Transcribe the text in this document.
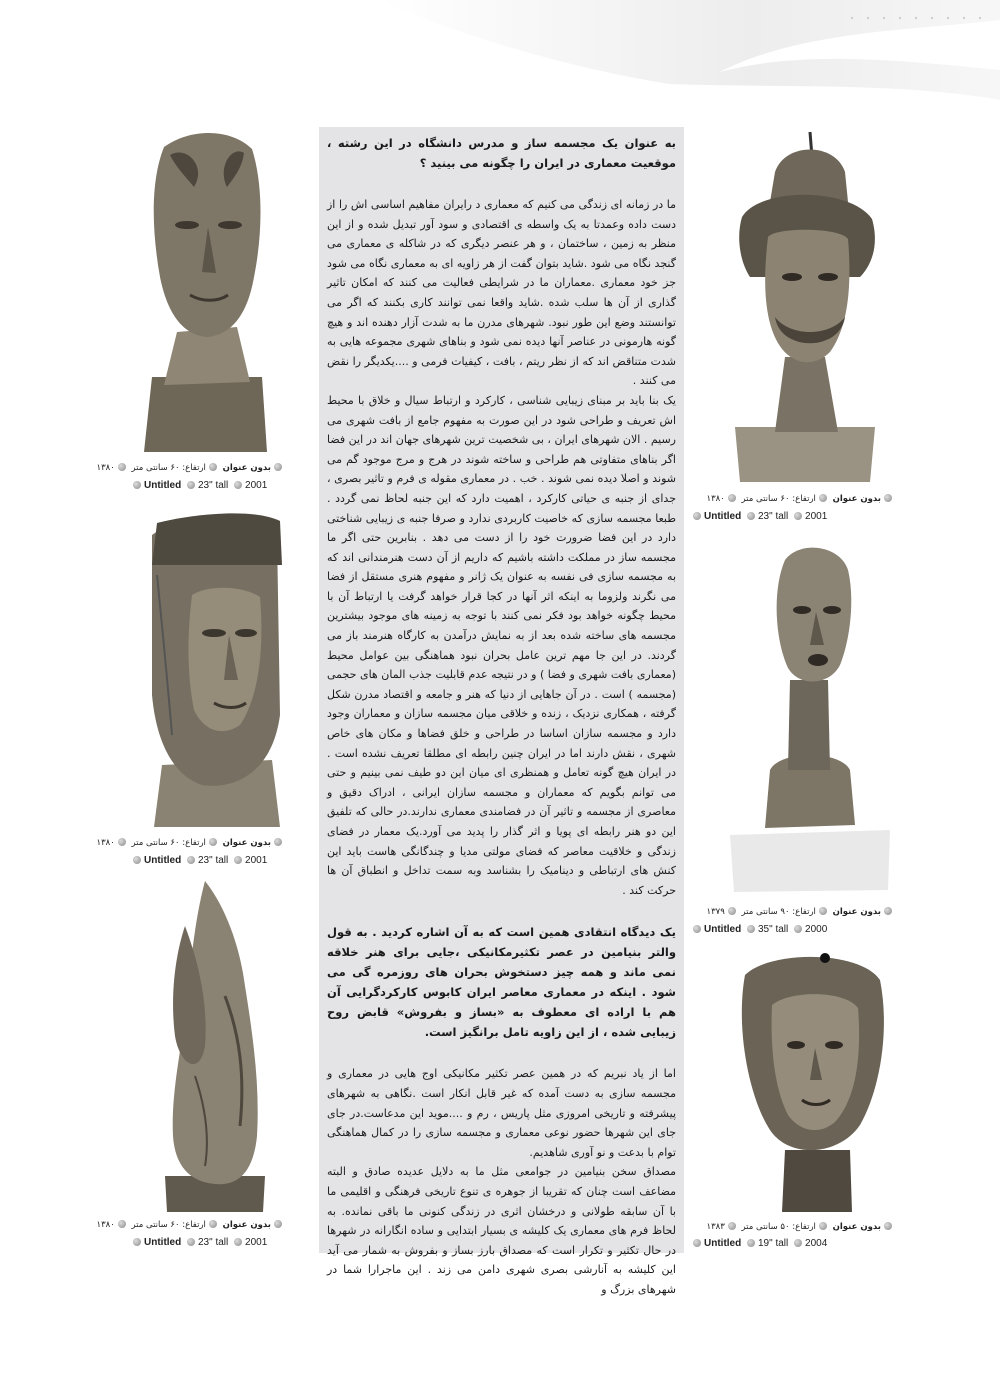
به عنوان یک مجسمه ساز و مدرس دانشگاه در این رشته ، موقعیت معماری در ایران را چگونه می بینید ؟

ما در زمانه ای زندگی می کنیم که معماری د رایران مفاهیم اساسی اش را از دست داده وعمدتا به یک واسطه ی اقتصادی و سود آور تبدیل شده و از این منظر به زمین ، ساختمان ، و هر عنصر دیگری که در شاکله ی معماری می گنجد نگاه می شود .شاید بتوان گفت از هر زاویه ای به معماری نگاه می شود جز خود معماری .معماران ما در شرایطی فعالیت می کنند که امکان تاثیر گذاری از آن ها سلب شده .شاید واقعا نمی توانند کاری بکنند که اگر می توانستند وضع این طور نبود. شهرهای مدرن ما به شدت آزار دهنده اند و هیچ گونه هارمونی در عناصر آنها دیده نمی شود و بناهای شهری مجموعه هایی به شدت متناقض اند که از نظر ریتم ، بافت ، کیفیات فرمی و ....یکدیگر را نقض می کنند .

یک بنا باید بر مبنای زیبایی شناسی ، کارکرد و ارتباط سیال و خلاق با محیط اش تعریف و طراحی شود در این صورت به مفهوم جامع از بافت شهری می رسیم . الان شهرهای ایران ، بی شخصیت ترین شهرهای جهان اند در این فضا اگر بناهای متفاوتی هم طراحی و ساخته شوند در هرج و مرج موجود گم می شوند و اصلا دیده نمی شوند . خب . در معماری مقوله ی فرم و تاثیر بصری ، جدای از جنبه ی حیاتی کارکرد ، اهمیت دارد که این جنبه لحاظ نمی گردد . طبعا مجسمه سازی که خاصیت کاربردی ندارد و صرفا جنبه ی زیبایی شناختی دارد در این فضا ضرورت خود را از دست می دهد . بنابرین حتی اگر ما مجسمه ساز در مملکت داشته باشیم که داریم از آن دست هنرمندانی اند که به مجسمه سازی فی نفسه به عنوان یک ژانر و مفهوم هنری مستقل از فضا می نگرند ولزوما به اینکه اثر آنها در کجا قرار خواهد گرفت یا ارتباط آن با محیط چگونه خواهد بود فکر نمی کنند با توجه به زمینه های موجود بیشترین مجسمه های ساخته شده بعد از به نمایش درآمدن به کارگاه هنرمند باز می گردند. در این جا مهم ترین عامل بحران نبود هماهنگی بین عوامل محیط (معماری بافت شهری و فضا ) و در نتیجه عدم قابلیت جذب المان های حجمی (مجسمه ) است . در آن جاهایی از دنیا که هنر و جامعه و اقتصاد مدرن شکل گرفته ، همکاری نزدیک ، زنده و خلاقی میان مجسمه سازان و معماران وجود دارد و مجسمه سازان اساسا در طراحی و خلق فضاها و مکان های خاص شهری ، نقش دارند اما در ایران چنین رابطه ای مطلقا تعریف نشده است . در ایران هیچ گونه تعامل و همنظری ای میان این دو طیف نمی بینیم و حتی می توانم بگویم که معماران و مجسمه سازان ایرانی ، ادراک دقیق و معاصری از مجسمه و تاثیر آن در فضامندی معماری ندارند.در حالی که تلفیق این دو هنر رابطه ای پویا و اثر گذار را پدید می آورد.یک معمار در فضای زندگی و خلاقیت معاصر که فضای مولتی مدیا و چندگانگی هاست باید این کنش های ارتباطی و دینامیک را بشناسد وبه سمت تداخل و انطباق آن ها حرکت کند .

یک دیدگاه انتقادی همین است که به آن اشاره کردید . به قول والتر بنیامین در عصر تکثیرمکانیکی ،جایی برای هنر خلاقه نمی ماند و همه چیز دستخوش بحران های روزمره گی می شود . اینکه در معماری معاصر ایران کابوس کارکردگرایی آن هم با اراده ای معطوف به «بساز و بفروش» قابض روح زیبایی شده ، از این زاویه تامل برانگیز است.

اما از یاد نبریم که در همین عصر تکثیر مکانیکی اوج هایی در معماری و مجسمه سازی به دست آمده که غیر قابل انکار است .نگاهی به شهرهای پیشرفته و تاریخی امروزی مثل پاریس ، رم و ....موید این مدعاست.در جای جای این شهرها حضور نوعی معماری و مجسمه سازی را در کمال هماهنگی توام با بدعت و نو آوری شاهدیم.

مصداق سخن بنیامین در جوامعی مثل ما به دلایل عدیده صادق و البته مضاعف است چنان که تقریبا از جوهره ی تنوع تاریخی فرهنگی و اقلیمی ما با آن سابقه طولانی و درخشان اثری در زندگی کنونی ما باقی نمانده. به لحاظ فرم های معماری یک کلیشه ی بسیار ابتدایی و ساده انگارانه در شهرها در حال تکثیر و تکرار است که مصداق بارز بساز و بفروش به شمار می آید این کلیشه به آنارشی بصری شهری دامن می زند . این ماجرارا شما در شهرهای بزرگ و

بدون عنوان ارتفاع: ۶۰ سانتی متر ۱۳۸۰
Untitled 23" tall 2001
بدون عنوان ارتفاع: ۶۰ سانتی متر ۱۳۸۰
Untitled 23" tall 2001
بدون عنوان ارتفاع: ۶۰ سانتی متر ۱۳۸۰
Untitled 23" tall 2001
بدون عنوان ارتفاع: ۶۰ سانتی متر ۱۳۸۰
Untitled 23" tall 2001
بدون عنوان ارتفاع: ۹۰ سانتی متر ۱۳۷۹
Untitled 35" tall 2000
بدون عنوان ارتفاع: ۵۰ سانتی متر ۱۳۸۳
Untitled 19" tall 2004
